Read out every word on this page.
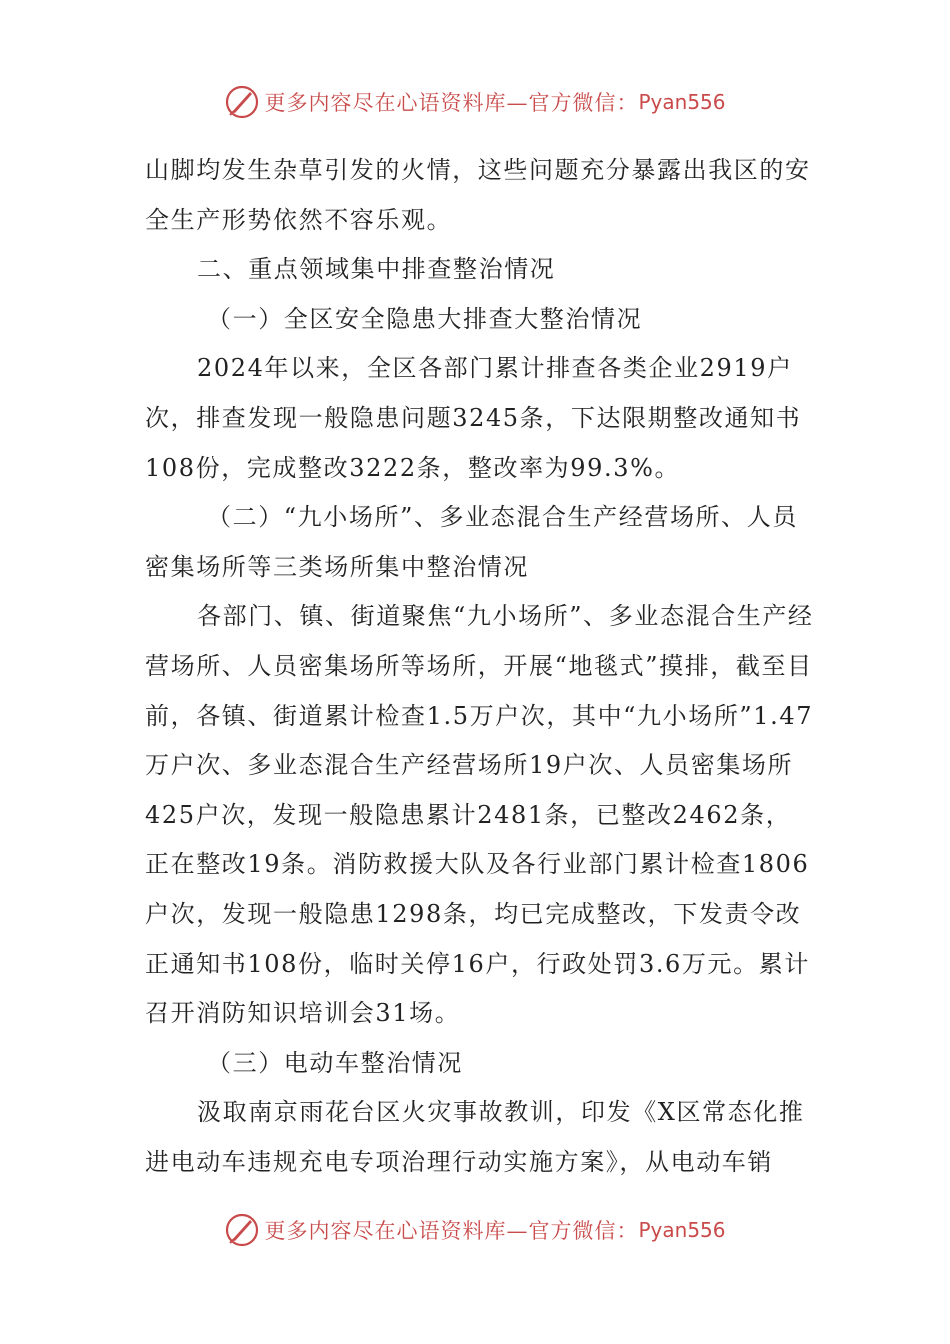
更多内容尽在心语资料库—官方微信： Pyan556

山脚均发生杂草引发的火情，这些问题充分暴露出我区的安全生产形势依然不容乐观。

二、重点领域集中排查整治情况

（一）全区安全隐患大排查大整治情况

2024年以来，全区各部门累计排查各类企业2919户次，排查发现一般隐患问题3245条，下达限期整改通知书108份，完成整改3222条，整改率为99.3%。

（二）“九小场所”、多业态混合生产经营场所、人员密集场所等三类场所集中整治情况

各部门、镇、街道聚焦“九小场所”、多业态混合生产经营场所、人员密集场所等场所，开展“地毯式”摸排，截至目前，各镇、街道累计检查1.5万户次，其中“九小场所”1.47万户次、多业态混合生产经营场所19户次、人员密集场所425户次，发现一般隐患累计2481条，已整改2462条，正在整改19条。消防救援大队及各行业部门累计检查1806户次，发现一般隐患1298条，均已完成整改，下发责令改正通知书108份，临时关停16户，行政处罚3.6万元。累计召开消防知识培训会31场。

（三）电动车整治情况

汲取南京雨花台区火灾事故教训，印发《X区常态化推进电动车违规充电专项治理行动实施方案》，从电动车销

更多内容尽在心语资料库—官方微信： Pyan556
